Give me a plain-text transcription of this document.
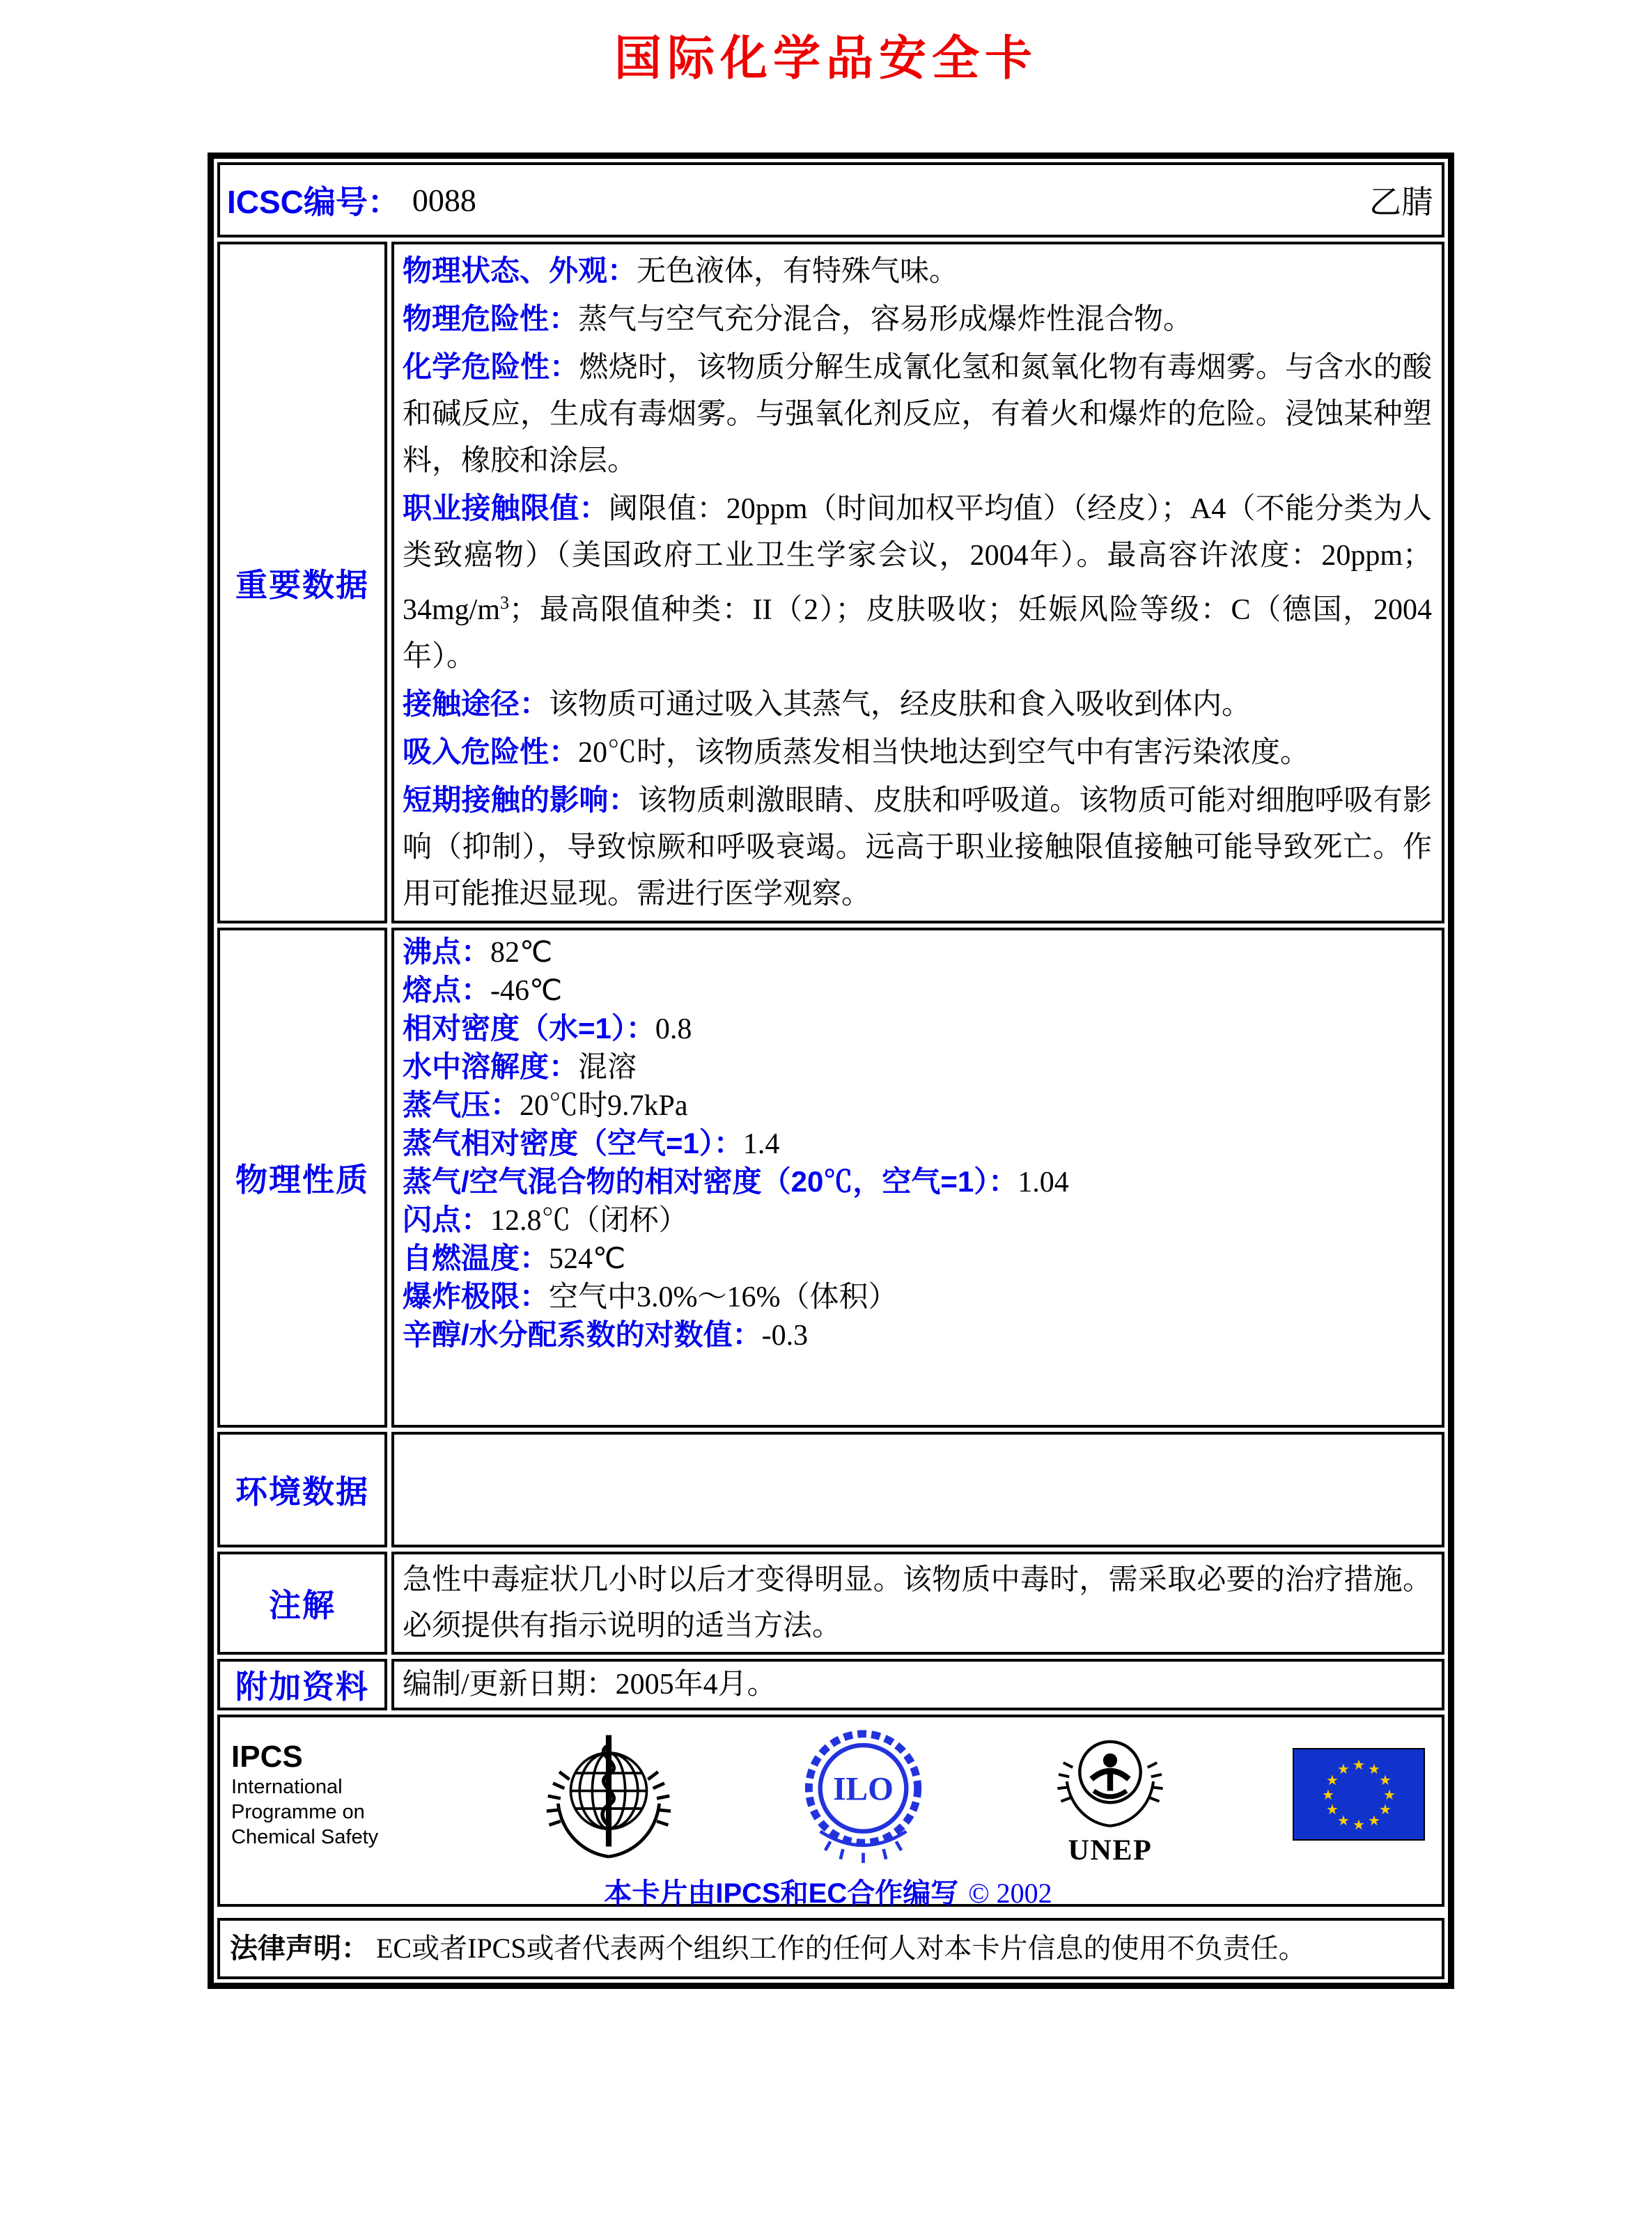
国际化学品安全卡
ICSC编号： 0088	乙腈
重要数据
物理状态、外观：无色液体，有特殊气味。
物理危险性：蒸气与空气充分混合，容易形成爆炸性混合物。
化学危险性：燃烧时，该物质分解生成氰化氢和氮氧化物有毒烟雾。与含水的酸和碱反应，生成有毒烟雾。与强氧化剂反应，有着火和爆炸的危险。浸蚀某种塑料，橡胶和涂层。
职业接触限值：阈限值：20ppm（时间加权平均值）（经皮）；A4（不能分类为人类致癌物）（美国政府工业卫生学家会议，2004年）。最高容许浓度：20ppm；$34mg/m^3$；最高限值种类：II（2）；皮肤吸收；妊娠风险等级：C（德国，2004年）。
接触途径：该物质可通过吸入其蒸气，经皮肤和食入吸收到体内。
吸入危险性：20℃时，该物质蒸发相当快地达到空气中有害污染浓度。
短期接触的影响：该物质刺激眼睛、皮肤和呼吸道。该物质可能对细胞呼吸有影响（抑制），导致惊厥和呼吸衰竭。远高于职业接触限值接触可能导致死亡。作用可能推迟显现。需进行医学观察。
物理性质
沸点：82℃
熔点：-46℃
相对密度（水=1）：0.8
水中溶解度：混溶
蒸气压：20℃时9.7kPa
蒸气相对密度（空气=1）：1.4
蒸气/空气混合物的相对密度（20℃，空气=1）：1.04
闪点：12.8℃（闭杯）
自燃温度：524℃
爆炸极限：空气中3.0%～16%（体积）
辛醇/水分配系数的对数值：-0.3
环境数据
注解
急性中毒症状几小时以后才变得明显。该物质中毒时，需采取必要的治疗措施。必须提供有指示说明的适当方法。
附加资料 编制/更新日期：2005年4月。
IPCS
International
Programme on
Chemical Safety
ILO
UNEP
★ ★
★
★
★
★
★
★
★
★
★
★
本卡片由IPCS和EC合作编写 © 2002
法律声明： EC或者IPCS或者代表两个组织工作的任何人对本卡片信息的使用不负责任。
